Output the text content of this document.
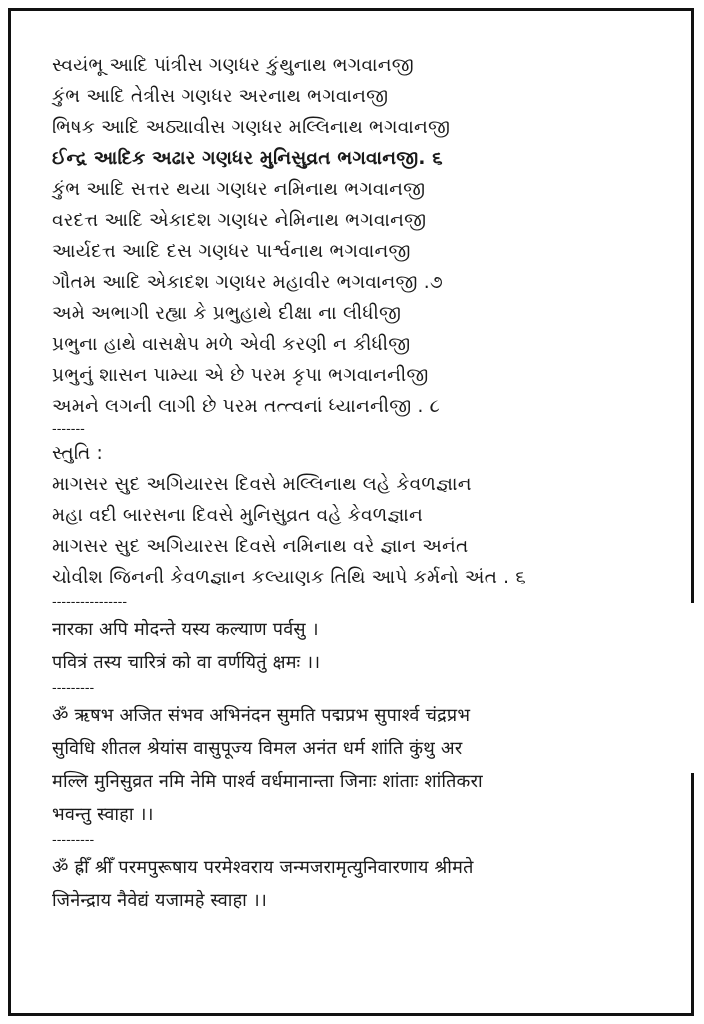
સ્વયંભૂ આદિ પાંત્રીસ ગણધર કુંથુનાથ ભગવાનજી
કુંભ આદિ તેત્રીસ ગણધર અરનાથ ભગવાનજી
ભિષક આદિ અઠ્યાવીસ ગણધર મલ્લિનાથ ભગવાનજી
ઈન્દ્ર આદિક અઢાર ગણધર મુનિસુવ્રત ભગવાનજી. ૬
કુંભ આદિ સત્તર થયા ગણધર નમિનાથ ભગવાનજી
વરદત્ત આદિ એકાદશ ગણધર નેમિનાથ ભગવાનજી
આર્યદત્ત આદિ દસ ગણધર પાર્શ્વનાથ ભગવાનજી
ગૌતમ આદિ એકાદશ ગણધર મહાવીર ભગવાનજી .૭
અમે અભાગી રહ્યા કે પ્રભુહાથે દીક્ષા ના લીધીજી
પ્રભુના હાથે વાસક્ષેપ મળે એવી કરણી ન કીધીજી
પ્રભુનું શાસન પામ્યા એ છે પરમ કૃપા ભગવાનનીજી
અમને લગની લાગી છે પરમ તત્ત્વનાં ધ્યાનનીજી . ૮
-------
સ્તુતિ :
માગસર સુદ અગિયારસ દિવસે મલ્લિનાથ લહે કેવળજ્ઞાન
મહા વદી બારસના દિવસે મુનિસુવ્રત વહે કેવળજ્ઞાન
માગસર સુદ અગિયારસ દિવસે નમિનાથ વરે જ્ઞાન અનંત
ચોવીશ જિનની કેવળજ્ઞાન કલ્યાણક તિથિ આપે કર્મનો અંત . ૬
----------------
नारका अपि मोदन्ते यस्य कल्याण पर्वसु ।
पवित्रं तस्य चारित्रं को वा वर्णयितुं क्षमः ।।
---------
ॐ ऋषभ अजित संभव अभिनंदन सुमति पद्मप्रभ सुपार्श्व चंद्रप्रभ
सुविधि शीतल श्रेयांस वासुपूज्य विमल अनंत धर्म शांति कुंथु अर
मल्लि मुनिसुव्रत नमि नेमि पार्श्व वर्धमानान्ता जिनाः शांताः शांतिकरा
भवन्तु स्वाहा ।।
---------
ॐ ह्रीँ श्रीँ परमपुरूषाय परमेश्वराय जन्मजरामृत्युनिवारणाय श्रीमते
जिनेन्द्राय नैवेद्यं यजामहे स्वाहा ।।
